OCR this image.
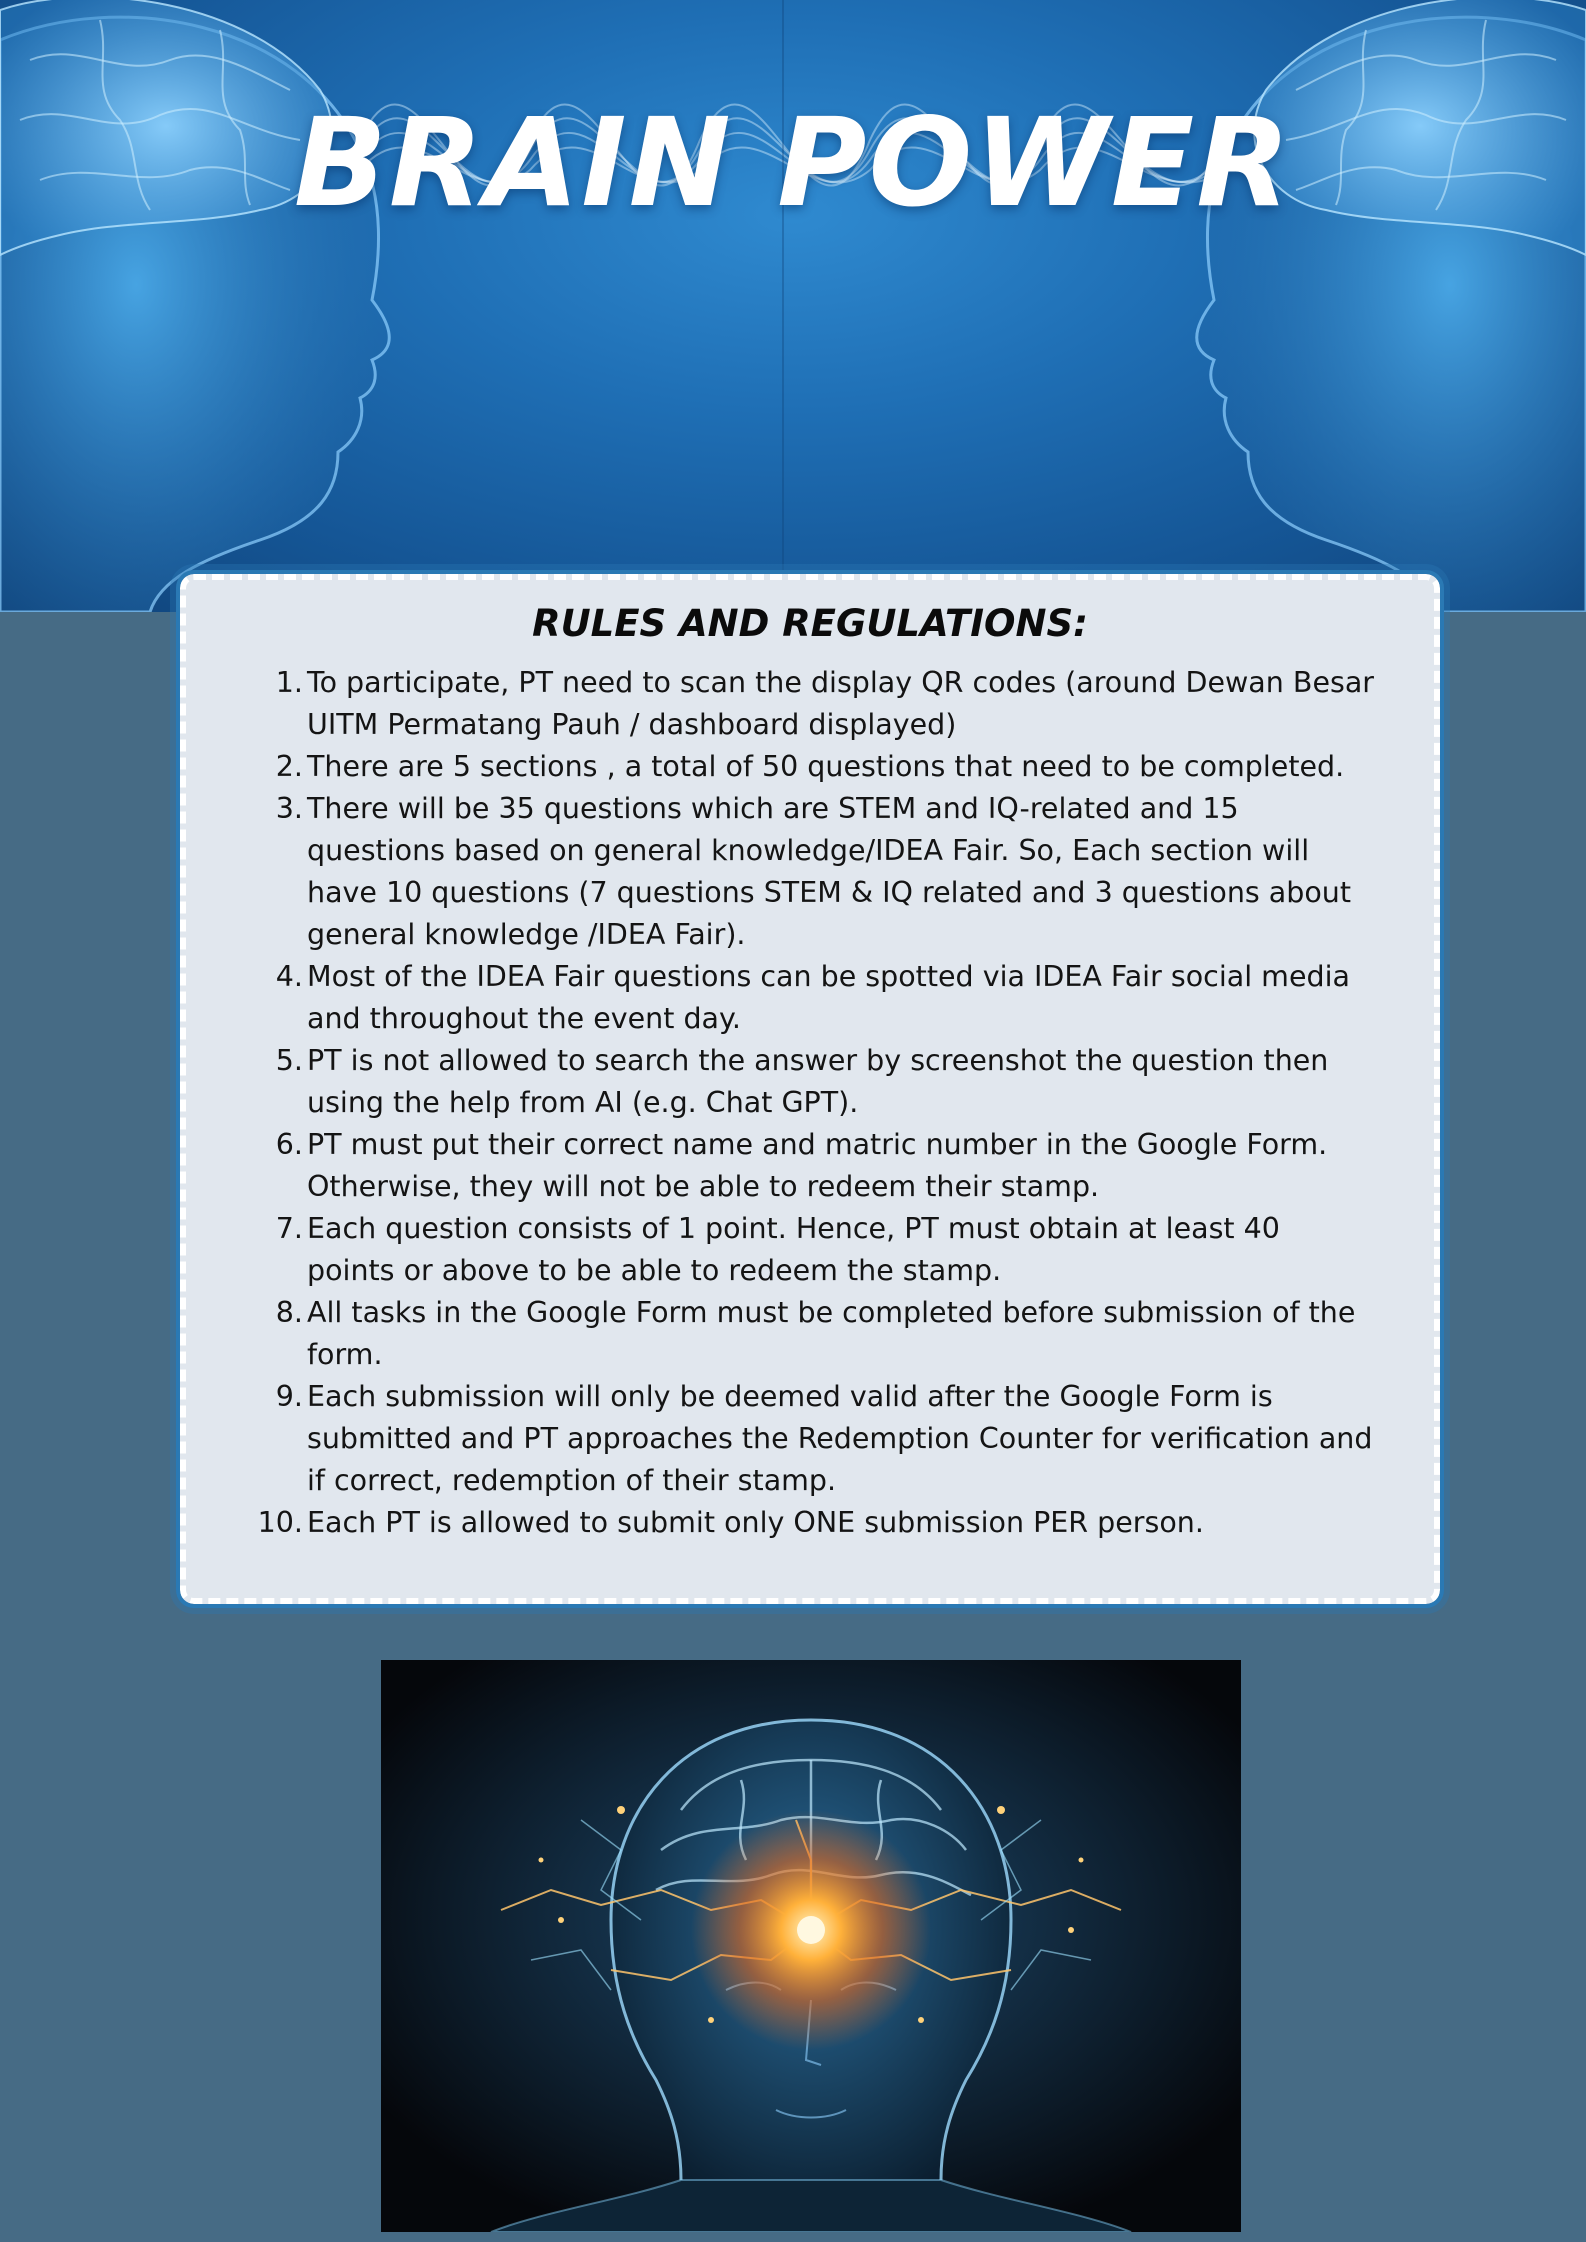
BRAIN POWER
RULES AND REGULATIONS:
1. To participate, PT need to scan the display QR codes (around Dewan Besar UITM Permatang Pauh / dashboard displayed)
2. There are 5 sections , a total of 50 questions that need to be completed.
3. There will be 35 questions which are STEM and IQ-related and 15 questions based on general knowledge/IDEA Fair. So, Each section will have 10 questions (7 questions STEM & IQ related and 3 questions about general knowledge /IDEA Fair).
4. Most of the IDEA Fair questions can be spotted via IDEA Fair social media and throughout the event day.
5. PT is not allowed to search the answer by screenshot the question then using the help from AI (e.g. Chat GPT).
6. PT must put their correct name and matric number in the Google Form. Otherwise, they will not be able to redeem their stamp.
7. Each question consists of 1 point. Hence, PT must obtain at least 40 points or above to be able to redeem the stamp.
8. All tasks in the Google Form must be completed before submission of the form.
9. Each submission will only be deemed valid after the Google Form is submitted and PT approaches the Redemption Counter for verification and if correct, redemption of their stamp.
10. Each PT is allowed to submit only ONE submission PER person.
